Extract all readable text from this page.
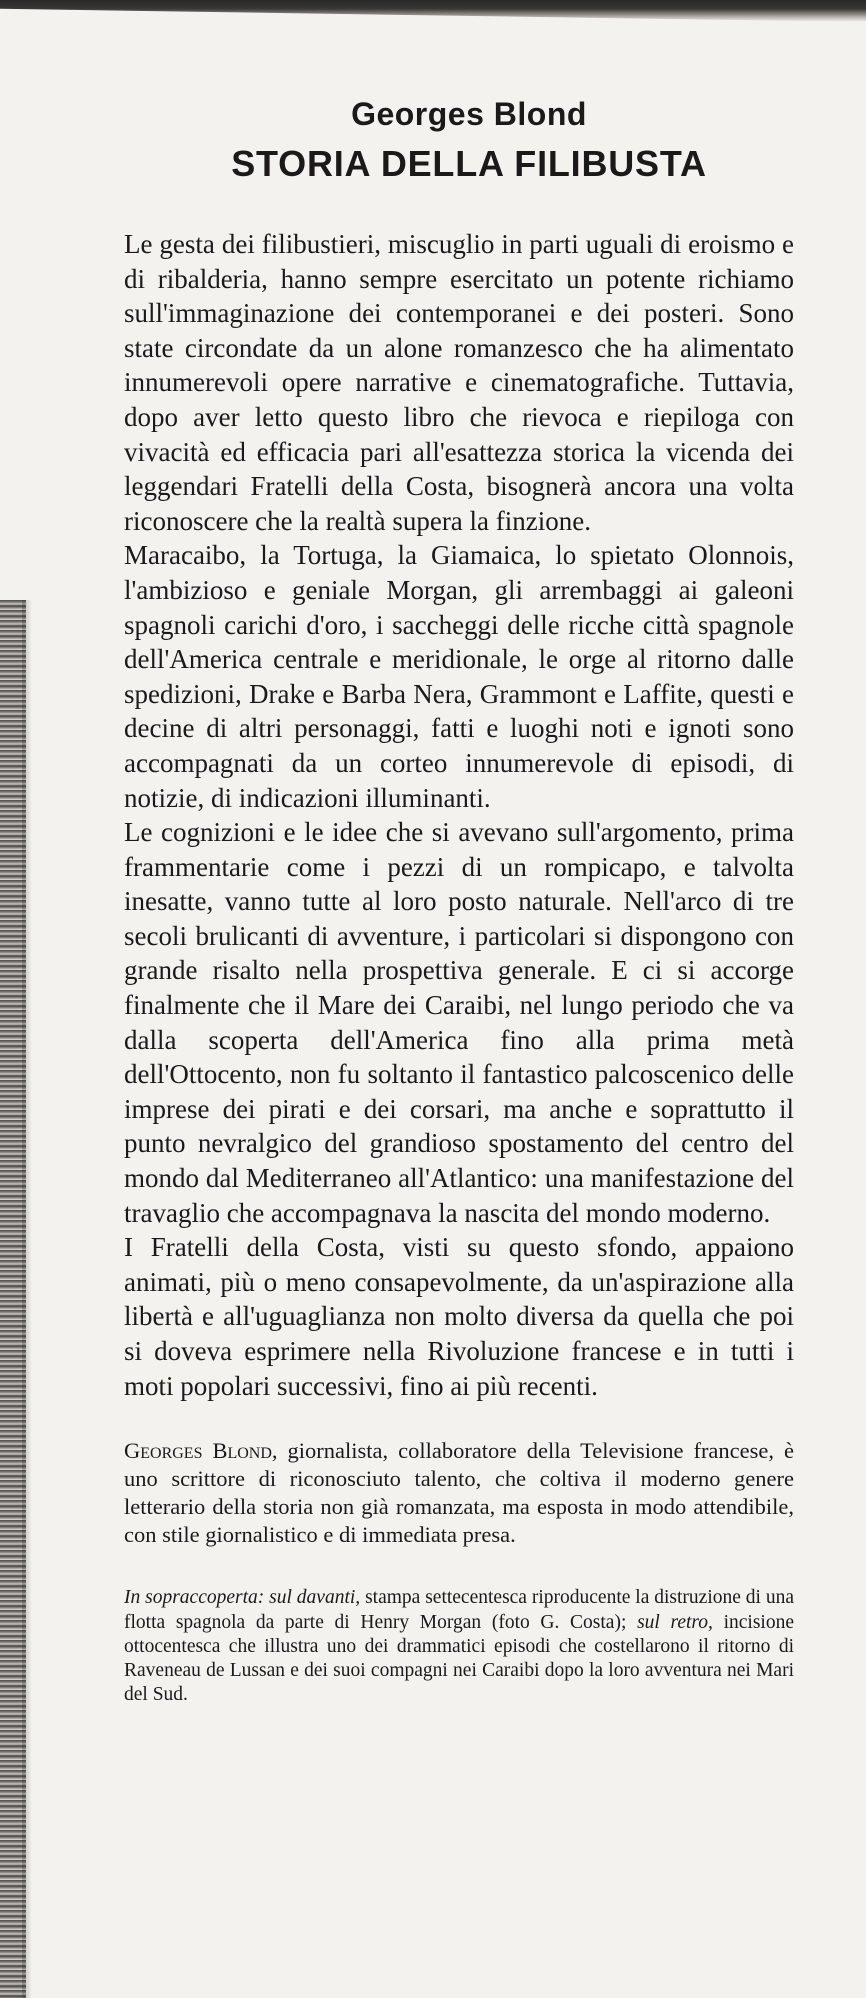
Georges Blond
STORIA DELLA FILIBUSTA

Le gesta dei filibustieri, miscuglio in parti uguali di eroismo e di ribalderia, hanno sempre esercitato un potente richiamo sull'immaginazione dei contemporanei e dei posteri. Sono state circondate da un alone romanzesco che ha alimentato innumerevoli opere narrative e cinematografiche. Tuttavia, dopo aver letto questo libro che rievoca e riepiloga con vivacità ed efficacia pari all'esattezza storica la vicenda dei leggendari Fratelli della Costa, bisognerà ancora una volta riconoscere che la realtà supera la finzione.

Maracaibo, la Tortuga, la Giamaica, lo spietato Olonnois, l'ambizioso e geniale Morgan, gli arrembaggi ai galeoni spagnoli carichi d'oro, i saccheggi delle ricche città spagnole dell'America centrale e meridionale, le orge al ritorno dalle spedizioni, Drake e Barba Nera, Grammont e Laffite, questi e decine di altri personaggi, fatti e luoghi noti e ignoti sono accompagnati da un corteo innumerevole di episodi, di notizie, di indicazioni illuminanti.

Le cognizioni e le idee che si avevano sull'argomento, prima frammentarie come i pezzi di un rompicapo, e talvolta inesatte, vanno tutte al loro posto naturale. Nell'arco di tre secoli brulicanti di avventure, i particolari si dispongono con grande risalto nella prospettiva generale. E ci si accorge finalmente che il Mare dei Caraibi, nel lungo periodo che va dalla scoperta dell'America fino alla prima metà dell'Ottocento, non fu soltanto il fantastico palcoscenico delle imprese dei pirati e dei corsari, ma anche e soprattutto il punto nevralgico del grandioso spostamento del centro del mondo dal Mediterraneo all'Atlantico: una manifestazione del travaglio che accompagnava la nascita del mondo moderno.

I Fratelli della Costa, visti su questo sfondo, appaiono animati, più o meno consapevolmente, da un'aspirazione alla libertà e all'uguaglianza non molto diversa da quella che poi si doveva esprimere nella Rivoluzione francese e in tutti i moti popolari successivi, fino ai più recenti.

Georges Blond, giornalista, collaboratore della Televisione francese, è uno scrittore di riconosciuto talento, che coltiva il moderno genere letterario della storia non già romanzata, ma esposta in modo attendibile, con stile giornalistico e di immediata presa.
In sopraccoperta: sul davanti, stampa settecentesca riproducente la distruzione di una flotta spagnola da parte di Henry Morgan (foto G. Costa); sul retro, incisione ottocentesca che illustra uno dei drammatici episodi che costellarono il ritorno di Raveneau de Lussan e dei suoi compagni nei Caraibi dopo la loro avventura nei Mari del Sud.
